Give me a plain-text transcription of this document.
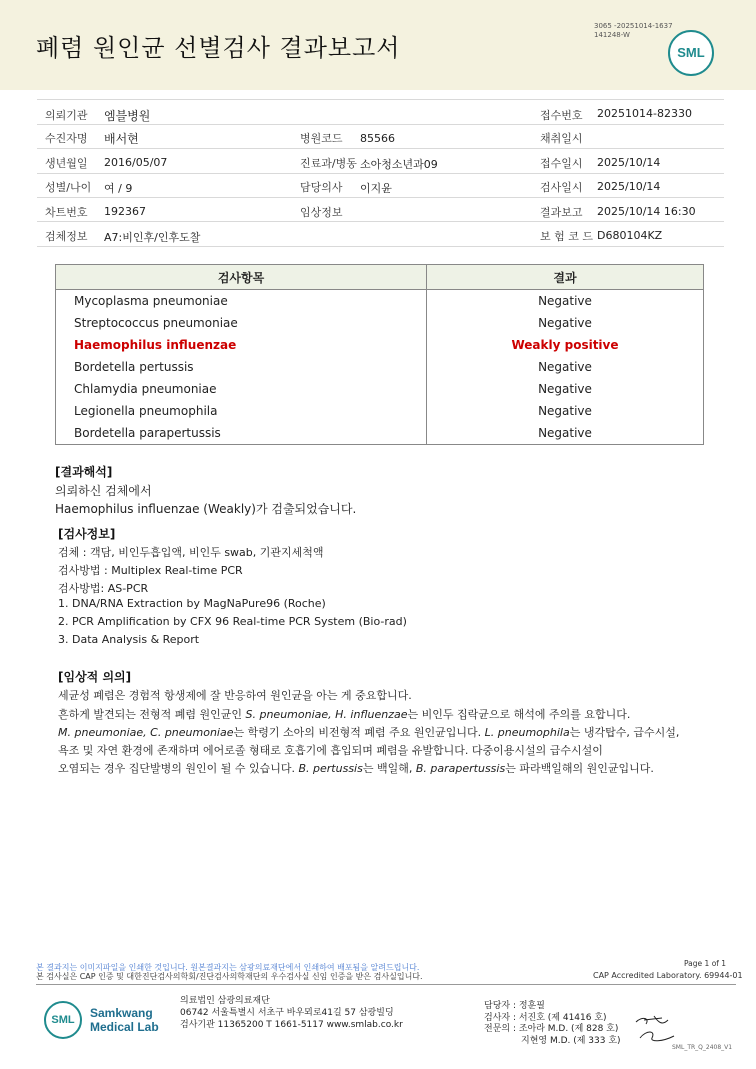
폐렴 원인균 선별검사 결과보고서
3065 -20251014-1637
141248-W
SML
의뢰기관 엠블병원	접수번호 20251014-82330
수진자명 배서현	병원코드 85566	채취일시
생년월일 2016/05/07	진료과/병동 소아청소년과09	접수일시 2025/10/14
성별/나이 여 / 9	담당의사 이지윤	검사일시 2025/10/14
차트번호 192367	임상정보	결과보고 2025/10/14 16:30
검체정보 A7:비인후/인후도찰	보 험 코 드 D680104KZ
검사항목	결과
Mycoplasma pneumoniae	Negative
Streptococcus pneumoniae	Negative
Haemophilus influenzae	Weakly positive
Bordetella pertussis	Negative
Chlamydia pneumoniae	Negative
Legionella pneumophila	Negative
Bordetella parapertussis	Negative
[결과해석]
의뢰하신 검체에서
Haemophilus influenzae (Weakly)가 검출되었습니다.
[검사정보]
검체 : 객담, 비인두흡입액, 비인두 swab, 기관지세척액
검사방법 : Multiplex Real-time PCR
검사방법: AS-PCR
1. DNA/RNA Extraction by MagNaPure96 (Roche)
2. PCR Amplification by CFX 96 Real-time PCR System (Bio-rad)
3. Data Analysis & Report
[임상적 의의]
세균성 폐렴은 경험적 항생제에 잘 반응하여 원인균을 아는 게 중요합니다.
흔하게 발견되는 전형적 폐렴 원인균인 S. pneumoniae, H. influenzae는 비인두 집락균으로 해석에 주의를 요합니다.
M. pneumoniae, C. pneumoniae는 학령기 소아의 비전형적 폐렴 주요 원인균입니다. L. pneumophila는 냉각탑수, 급수시설,
욕조 및 자연 환경에 존재하며 에어로졸 형태로 호흡기에 흡입되며 폐렴을 유발합니다. 다중이용시설의 급수시설이
오염되는 경우 집단발병의 원인이 될 수 있습니다. B. pertussis는 백일해, B. parapertussis는 파라백일해의 원인균입니다.
본 결과지는 이미지파일을 인쇄한 것입니다. 원본결과지는 삼광의료재단에서 인쇄하여 배포됨을 알려드립니다.
본 검사실은 CAP 인증 및 대한진단검사의학회/진단검사의학재단의 우수검사실 신임 인증을 받은 검사실입니다.
Page 1 of 1
CAP Accredited Laboratory. 69944-01
SML	Samkwang
Medical Lab
의료법인 삼광의료재단
06742 서울특별시 서초구 바우뫼로41길 57 삼광빌딩
검사기관 11365200 T 1661-5117 www.smlab.co.kr
담당자 : 정훈필
검사자 : 서진호 (제 41416 호)
전문의 : 조아라 M.D. (제 828 호)
지현영 M.D. (제 333 호)
SML_TR_Q_2408_V1
